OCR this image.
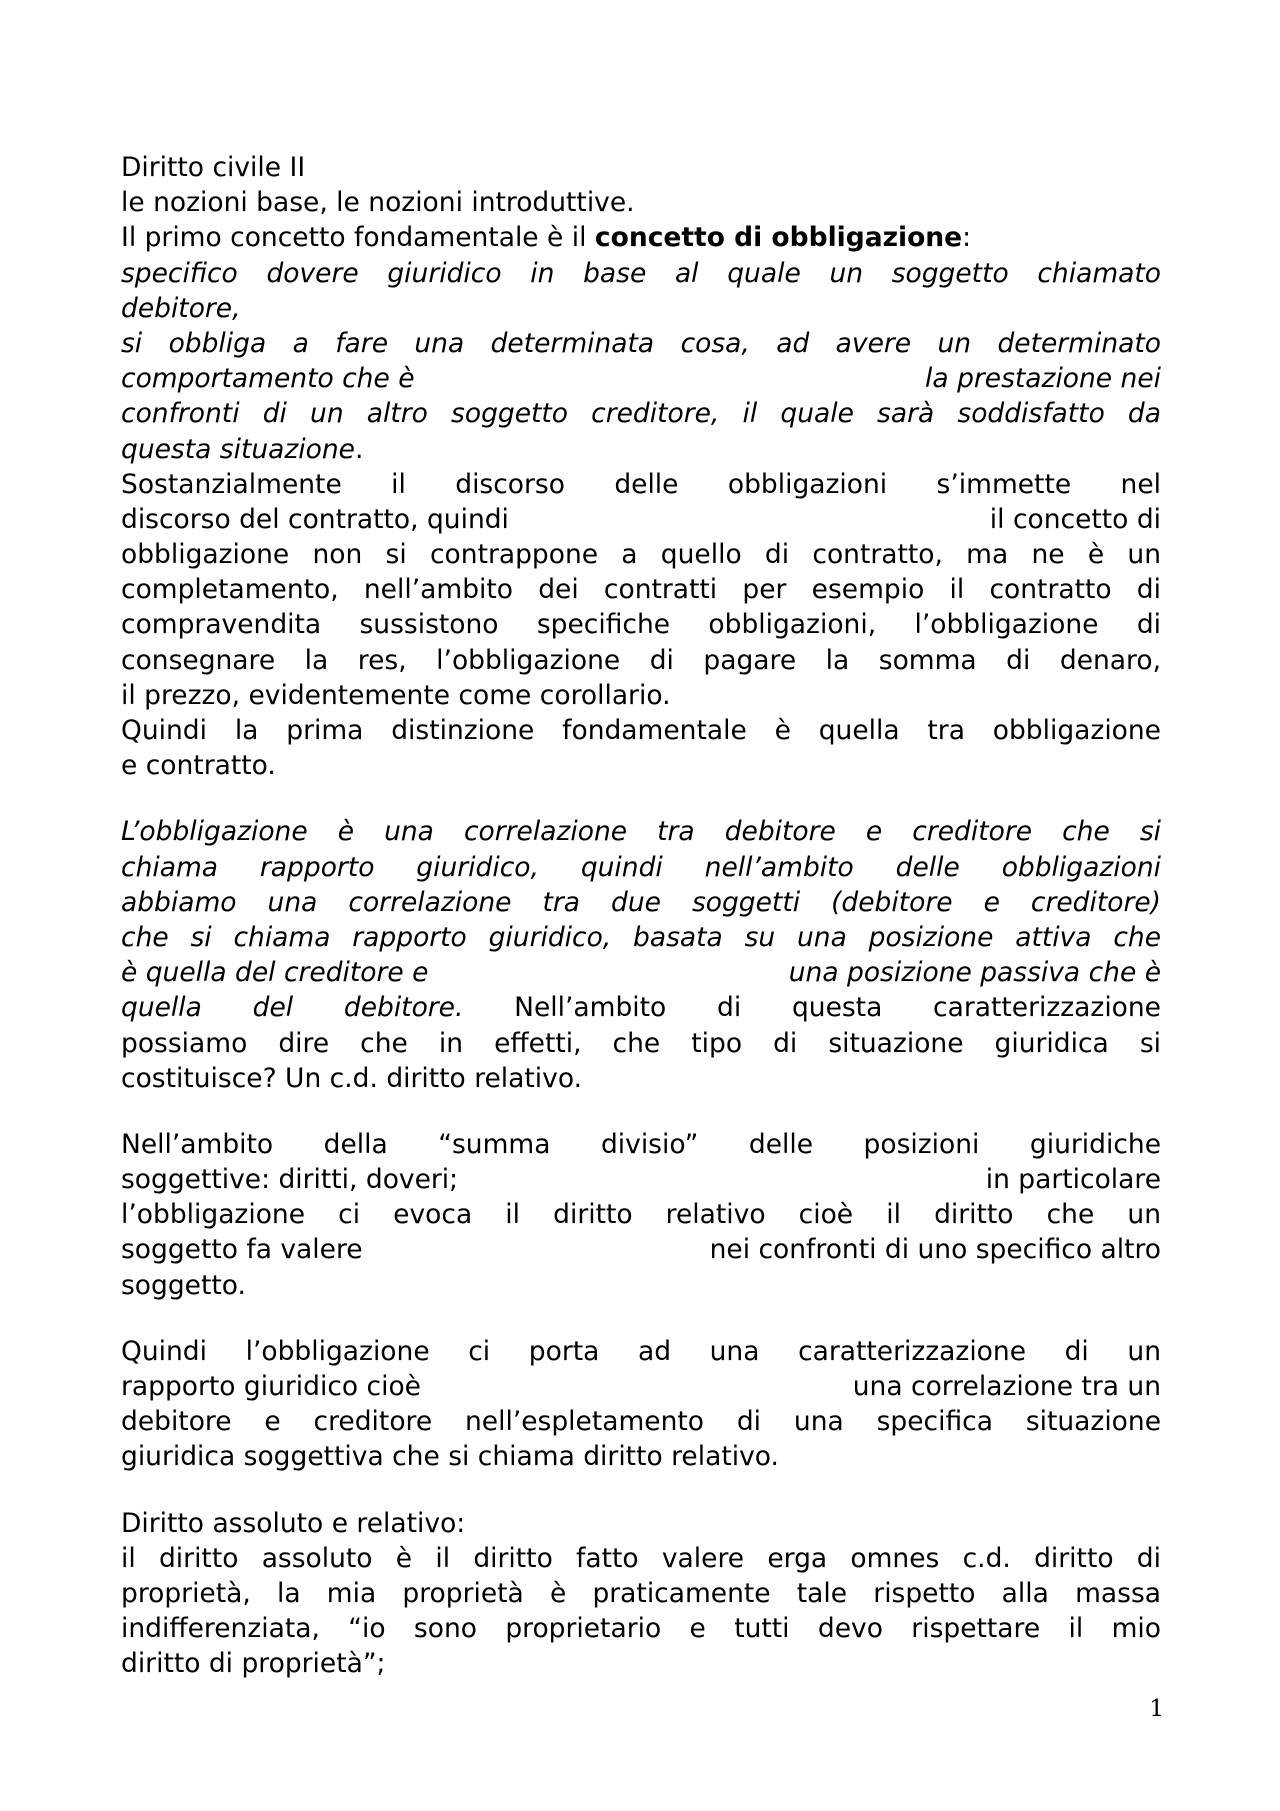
Diritto civile II
le nozioni base, le nozioni introduttive.
Il primo concetto fondamentale è il concetto di obbligazione:
specifico dovere giuridico in base al quale un soggetto chiamato
debitore,
si obbliga a fare una determinata cosa, ad avere un determinato
comportamento che è	la prestazione nei
confronti di un altro soggetto creditore, il quale sarà soddisfatto da
questa situazione.
Sostanzialmente il discorso delle obbligazioni s’immette nel
discorso del contratto, quindi	il concetto di
obbligazione non si contrappone a quello di contratto, ma ne è un
completamento, nell’ambito dei contratti per esempio il contratto di
compravendita sussistono specifiche obbligazioni, l’obbligazione di
consegnare la res, l’obbligazione di pagare la somma di denaro,
il prezzo, evidentemente come corollario.
Quindi la prima distinzione fondamentale è quella tra obbligazione
e contratto.
L’obbligazione è una correlazione tra debitore e creditore che si
chiama rapporto giuridico, quindi nell’ambito delle obbligazioni
abbiamo una correlazione tra due soggetti (debitore e creditore)
che si chiama rapporto giuridico, basata su una posizione attiva che
è quella del creditore e	una posizione passiva che è
quella del debitore. Nell’ambito di questa caratterizzazione
possiamo dire che in effetti, che tipo di situazione giuridica si
costituisce? Un c.d. diritto relativo.
Nell’ambito della “summa divisio” delle posizioni giuridiche
soggettive: diritti, doveri;	in particolare
l’obbligazione ci evoca il diritto relativo cioè il diritto che un
soggetto fa valere	nei confronti di uno specifico altro
soggetto.
Quindi l’obbligazione ci porta ad una caratterizzazione di un
rapporto giuridico cioè	una correlazione tra un
debitore e creditore nell’espletamento di una specifica situazione
giuridica soggettiva che si chiama diritto relativo.
Diritto assoluto e relativo:
il diritto assoluto è il diritto fatto valere erga omnes c.d. diritto di
proprietà, la mia proprietà è praticamente tale rispetto alla massa
indifferenziata, “io sono proprietario e tutti devo rispettare il mio
diritto di proprietà”;
1
